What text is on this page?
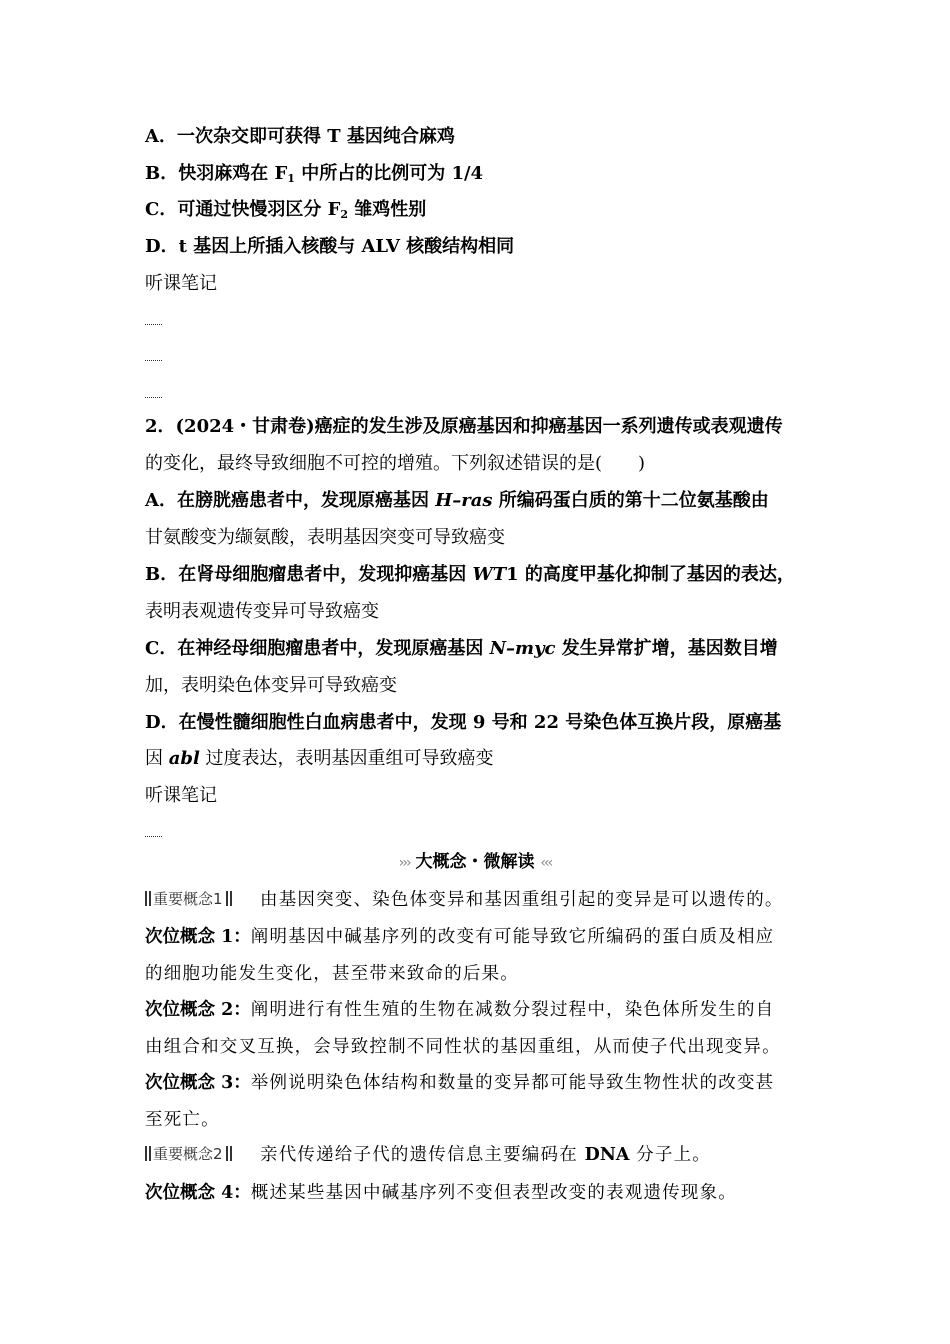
A．一次杂交即可获得 T 基因纯合麻鸡
B．快羽麻鸡在 $F_1$ 中所占的比例可为 1/4
C．可通过快慢羽区分 $F_2$ 雏鸡性别
D．t 基因上所插入核酸与 ALV 核酸结构相同
听课笔记
2．(2024・甘肃卷)癌症的发生涉及原癌基因和抑癌基因一系列遗传或表观遗传
的变化，最终导致细胞不可控的增殖。下列叙述错误的是(　　)
A．在膀胱癌患者中，发现原癌基因 H–ras 所编码蛋白质的第十二位氨基酸由
甘氨酸变为缬氨酸，表明基因突变可导致癌变
B．在肾母细胞瘤患者中，发现抑癌基因 WT1 的高度甲基化抑制了基因的表达，
表明表观遗传变异可导致癌变
C．在神经母细胞瘤患者中，发现原癌基因 N–myc 发生异常扩增，基因数目增
加，表明染色体变异可导致癌变
D．在慢性髓细胞性白血病患者中，发现 9 号和 22 号染色体互换片段，原癌基
因 abl 过度表达，表明基因重组可导致癌变
听课笔记
››› 大概念・微解读 ‹‹‹
重要概念1	由基因突变、染色体变异和基因重组引起的变异是可以遗传的。
次位概念 1：阐明基因中碱基序列的改变有可能导致它所编码的蛋白质及相应
的细胞功能发生变化，甚至带来致命的后果。
次位概念 2：阐明进行有性生殖的生物在减数分裂过程中，染色体所发生的自
由组合和交叉互换，会导致控制不同性状的基因重组，从而使子代出现变异。
次位概念 3：举例说明染色体结构和数量的变异都可能导致生物性状的改变甚
至死亡。
重要概念2	亲代传递给子代的遗传信息主要编码在 DNA 分子上。
次位概念 4：概述某些基因中碱基序列不变但表型改变的表观遗传现象。
